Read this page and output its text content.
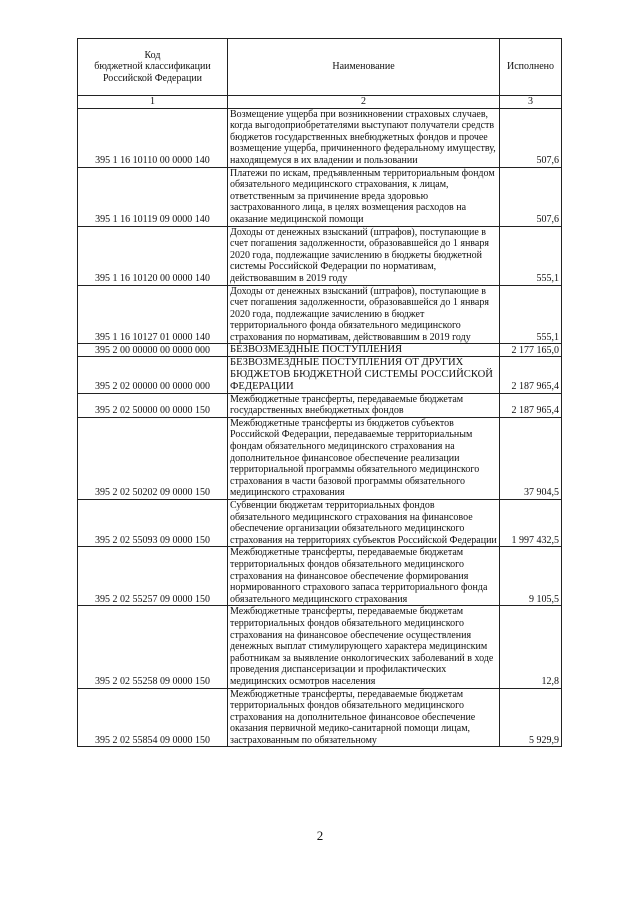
Код
бюджетной классификации
Российской Федерации	Наименование	Исполнено
1	2	3
395 1 16 10110 00 0000 140	Возмещение ущерба при возникновении страховых случаев, когда выгодоприобретателями выступают получатели средств бюджетов государственных внебюджетных фондов и прочее возмещение ущерба, причиненного федеральному имуществу, находящемуся в их владении и пользовании	507,6
395 1 16 10119 09 0000 140	Платежи по искам, предъявленным территориальным фондом обязательного медицинского страхования, к лицам, ответственным за причинение вреда здоровью застрахованного лица, в целях возмещения расходов на оказание медицинской помощи	507,6
395 1 16 10120 00 0000 140	Доходы от денежных взысканий (штрафов), поступающие в счет погашения задолженности, образовавшейся до 1 января 2020 года, подлежащие зачислению в бюджеты бюджетной системы Российской Федерации по нормативам, действовавшим в 2019 году	555,1
395 1 16 10127 01 0000 140	Доходы от денежных взысканий (штрафов), поступающие в счет погашения задолженности, образовавшейся до 1 января 2020 года, подлежащие зачислению в бюджет территориального фонда обязательного медицинского страхования по нормативам, действовавшим в 2019 году	555,1
395 2 00 00000 00 0000 000	БЕЗВОЗМЕЗДНЫЕ ПОСТУПЛЕНИЯ	2 177 165,0
395 2 02 00000 00 0000 000	БЕЗВОЗМЕЗДНЫЕ ПОСТУПЛЕНИЯ ОТ ДРУГИХ БЮДЖЕТОВ БЮДЖЕТНОЙ СИСТЕМЫ РОССИЙСКОЙ ФЕДЕРАЦИИ	2 187 965,4
395 2 02 50000 00 0000 150	Межбюджетные трансферты, передаваемые бюджетам государственных внебюджетных фондов	2 187 965,4
395 2 02 50202 09 0000 150	Межбюджетные трансферты из бюджетов субъектов Российской Федерации, передаваемые территориальным фондам обязательного медицинского страхования на дополнительное финансовое обеспечение реализации территориальной программы обязательного медицинского страхования в части базовой программы обязательного медицинского страхования	37 904,5
395 2 02 55093 09 0000 150	Субвенции бюджетам территориальных фондов обязательного медицинского страхования на финансовое обеспечение организации обязательного медицинского страхования на территориях субъектов Российской Федерации	1 997 432,5
395 2 02 55257 09 0000 150	Межбюджетные трансферты, передаваемые бюджетам территориальных фондов обязательного медицинского страхования на финансовое обеспечение формирования нормированного страхового запаса территориального фонда обязательного медицинского страхования	9 105,5
395 2 02 55258 09 0000 150	Межбюджетные трансферты, передаваемые бюджетам территориальных фондов обязательного медицинского страхования на финансовое обеспечение осуществления денежных выплат стимулирующего характера медицинским работникам за выявление онкологических заболеваний в ходе проведения диспансеризации и профилактических медицинских осмотров населения	12,8
395 2 02 55854 09 0000 150	Межбюджетные трансферты, передаваемые бюджетам территориальных фондов обязательного медицинского страхования на дополнительное финансовое обеспечение оказания первичной медико-санитарной помощи лицам, застрахованным по обязательному	5 929,9
2
